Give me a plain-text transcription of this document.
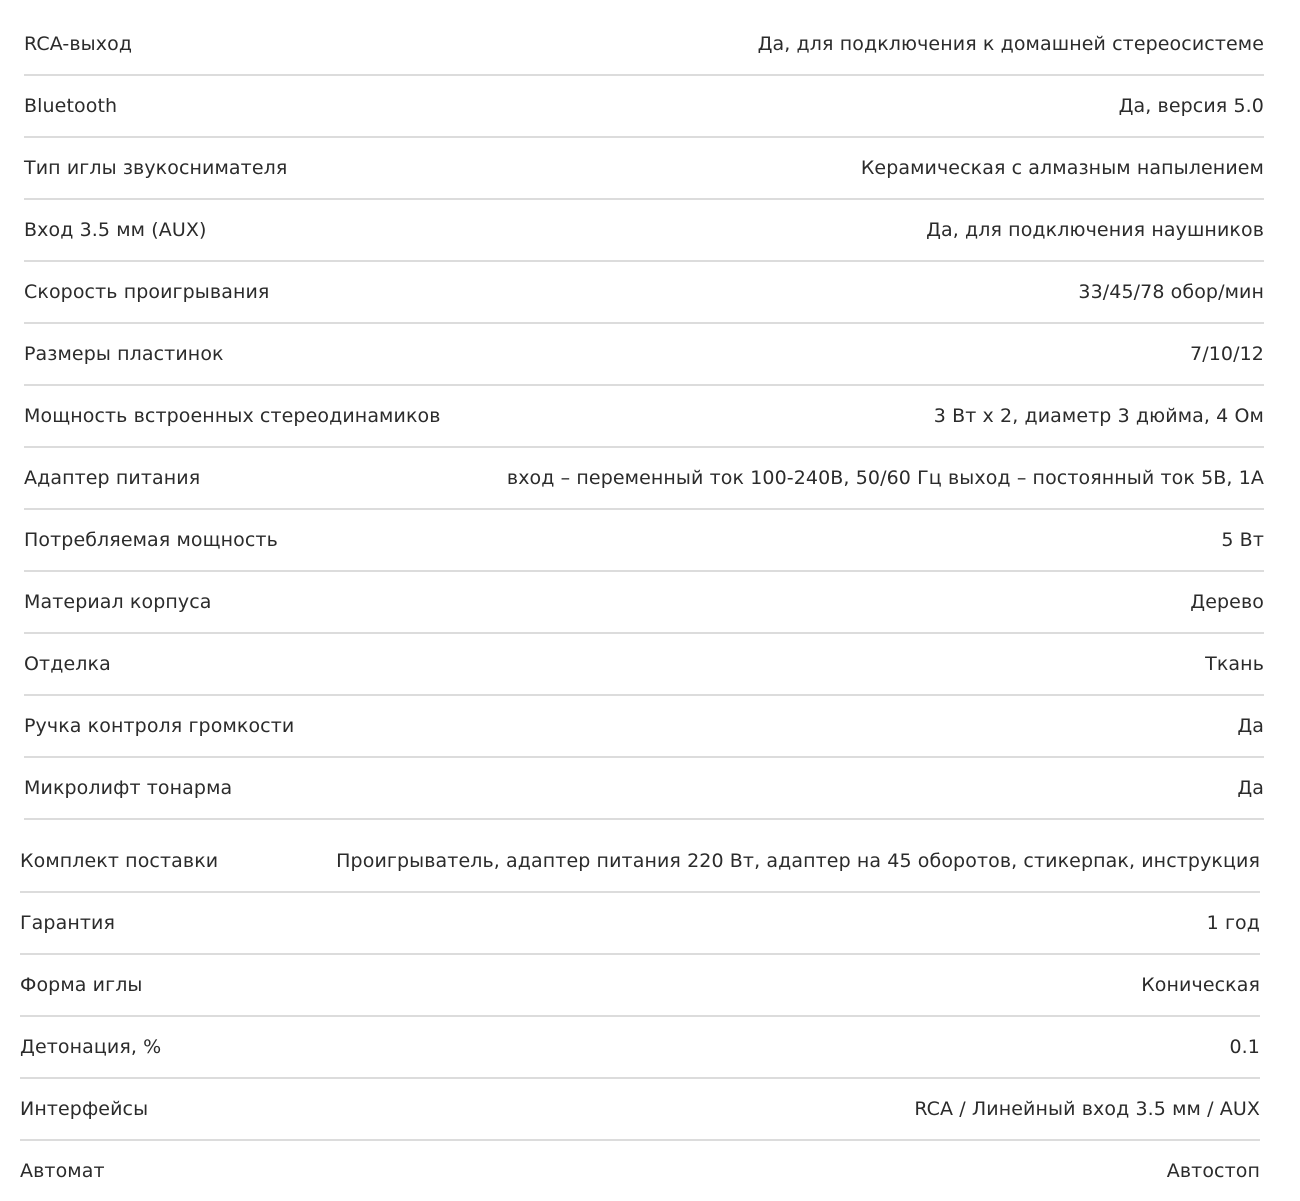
RCA-выход	Да, для подключения к домашней стереосистеме
Bluetooth	Да, версия 5.0
Тип иглы звукоснимателя	Керамическая с алмазным напылением
Вход 3.5 мм (AUX)	Да, для подключения наушников
Скорость проигрывания	33/45/78 обор/мин
Размеры пластинок	7/10/12
Мощность встроенных стереодинамиков	3 Вт х 2, диаметр 3 дюйма, 4 Ом
Адаптер питания	вход – переменный ток 100-240В, 50/60 Гц выход – постоянный ток 5В, 1А
Потребляемая мощность	5 Вт
Материал корпуса	Дерево
Отделка	Ткань
Ручка контроля громкости	Да
Микролифт тонарма	Да
Комплект поставки	Проигрыватель, адаптер питания 220 Вт, адаптер на 45 оборотов, стикерпак, инструкция
Гарантия	1 год
Форма иглы	Коническая
Детонация, %	0.1
Интерфейсы	RCA / Линейный вход 3.5 мм / AUX
Автомат	Автостоп
